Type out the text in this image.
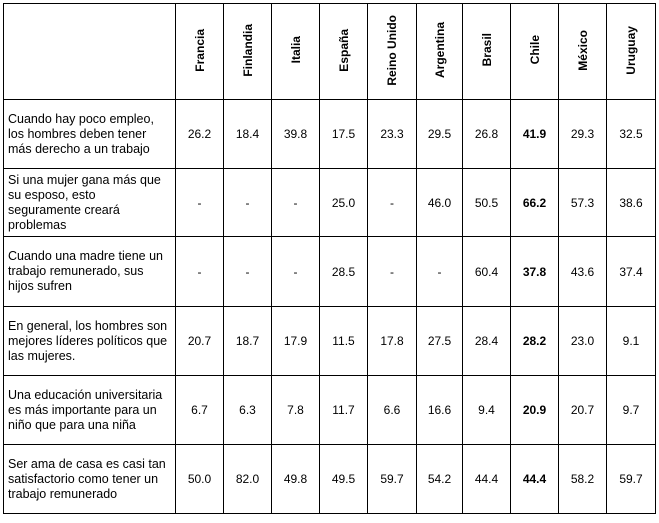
	Francia	Finlandia	Italia	España	Reino Unido	Argentina	Brasil	Chile	México	Uruguay
Cuando hay poco empleo, los hombres deben tener más derecho a un trabajo	26.2	18.4	39.8	17.5	23.3	29.5	26.8	41.9	29.3	32.5
Si una mujer gana más que su esposo, esto seguramente creará problemas	-	-	-	25.0	-	46.0	50.5	66.2	57.3	38.6
Cuando una madre tiene un trabajo remunerado, sus hijos sufren	-	-	-	28.5	-	-	60.4	37.8	43.6	37.4
En general, los hombres son mejores líderes políticos que las mujeres.	20.7	18.7	17.9	11.5	17.8	27.5	28.4	28.2	23.0	9.1
Una educación universitaria es más importante para un niño que para una niña	6.7	6.3	7.8	11.7	6.6	16.6	9.4	20.9	20.7	9.7
Ser ama de casa es casi tan satisfactorio como tener un trabajo remunerado	50.0	82.0	49.8	49.5	59.7	54.2	44.4	44.4	58.2	59.7
